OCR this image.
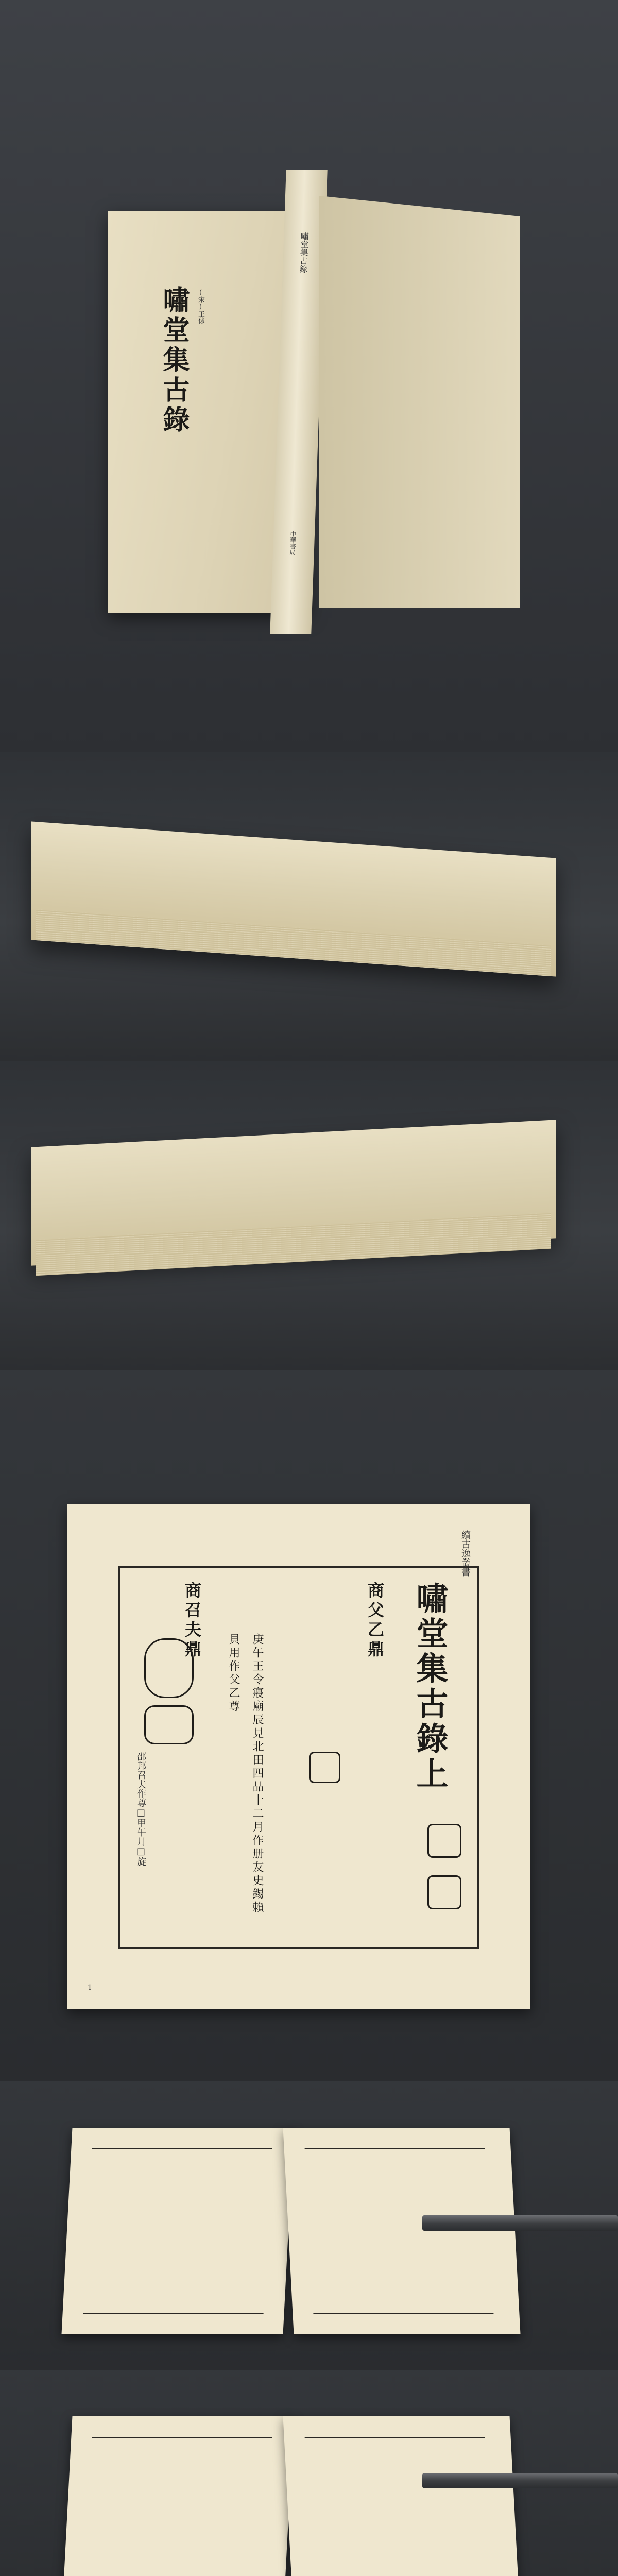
嘯堂集古錄	(宋)王俅
嘯堂集古錄
中華書局
續古逸叢書
嘯堂集古錄上
商父乙鼎
庚午王令寢廟辰見北田四品十二月作册友史錫賴貝用作父乙尊
商召夫鼎
邵邦召夫作尊□甲午月□旋
1
